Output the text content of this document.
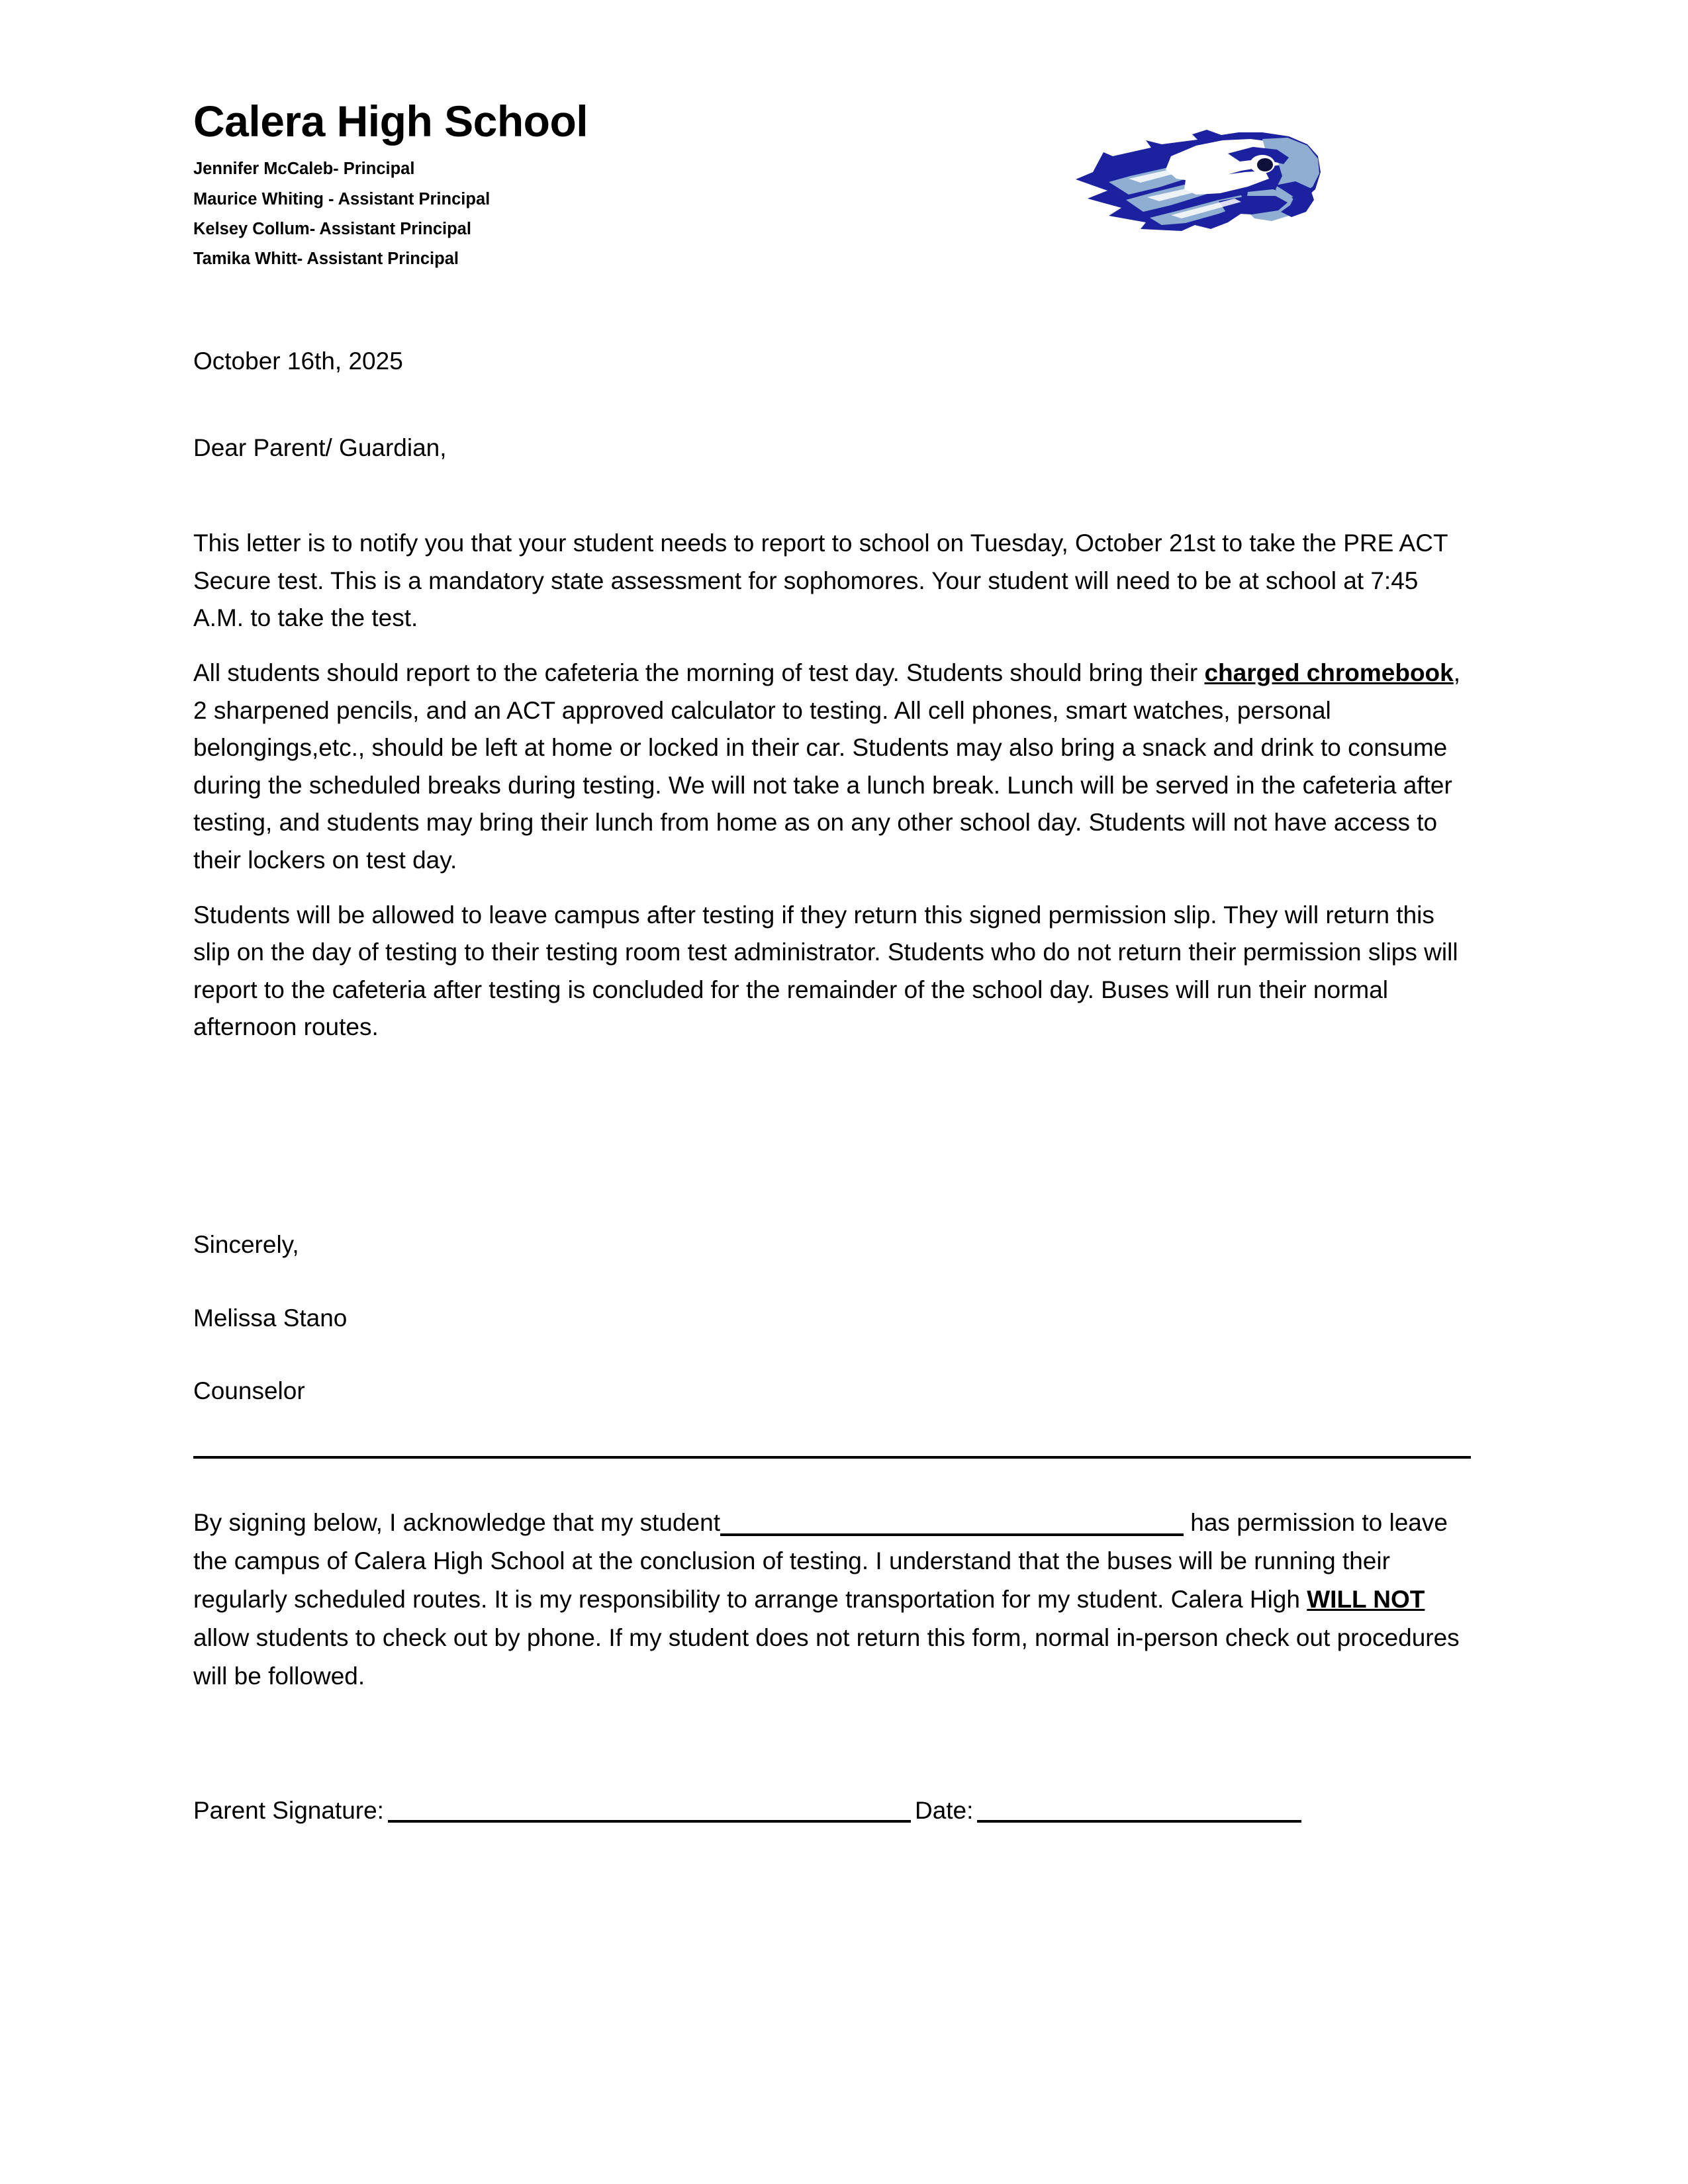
Calera High School

Jennifer McCaleb- Principal

Maurice Whiting - Assistant Principal

Kelsey Collum- Assistant Principal

Tamika Whitt- Assistant Principal

October 16th, 2025
Dear Parent/ Guardian,

This letter is to notify you that your student needs to report to school on Tuesday, October 21st to take the PRE ACT Secure test. This is a mandatory state assessment for sophomores. Your student will need to be at school at 7:45 A.M. to take the test.

All students should report to the cafeteria the morning of test day. Students should bring their charged chromebook, 2 sharpened pencils, and an ACT approved calculator to testing. All cell phones, smart watches, personal belongings,etc., should be left at home or locked in their car. Students may also bring a snack and drink to consume during the scheduled breaks during testing. We will not take a lunch break. Lunch will be served in the cafeteria after testing, and students may bring their lunch from home as on any other school day. Students will not have access to their lockers on test day.

Students will be allowed to leave campus after testing if they return this signed permission slip. They will return this slip on the day of testing to their testing room test administrator. Students who do not return their permission slips will report to the cafeteria after testing is concluded for the remainder of the school day. Buses will run their normal afternoon routes.

Sincerely,
Melissa Stano
Counselor

By signing below, I acknowledge that my student	has permission to leave the campus of Calera High School at the conclusion of testing. I understand that the buses will be running their regularly scheduled routes. It is my responsibility to arrange transportation for my student. Calera High WILL NOT allow students to check out by phone. If my student does not return this form, normal in-person check out procedures will be followed.

Parent Signature:	Date:
